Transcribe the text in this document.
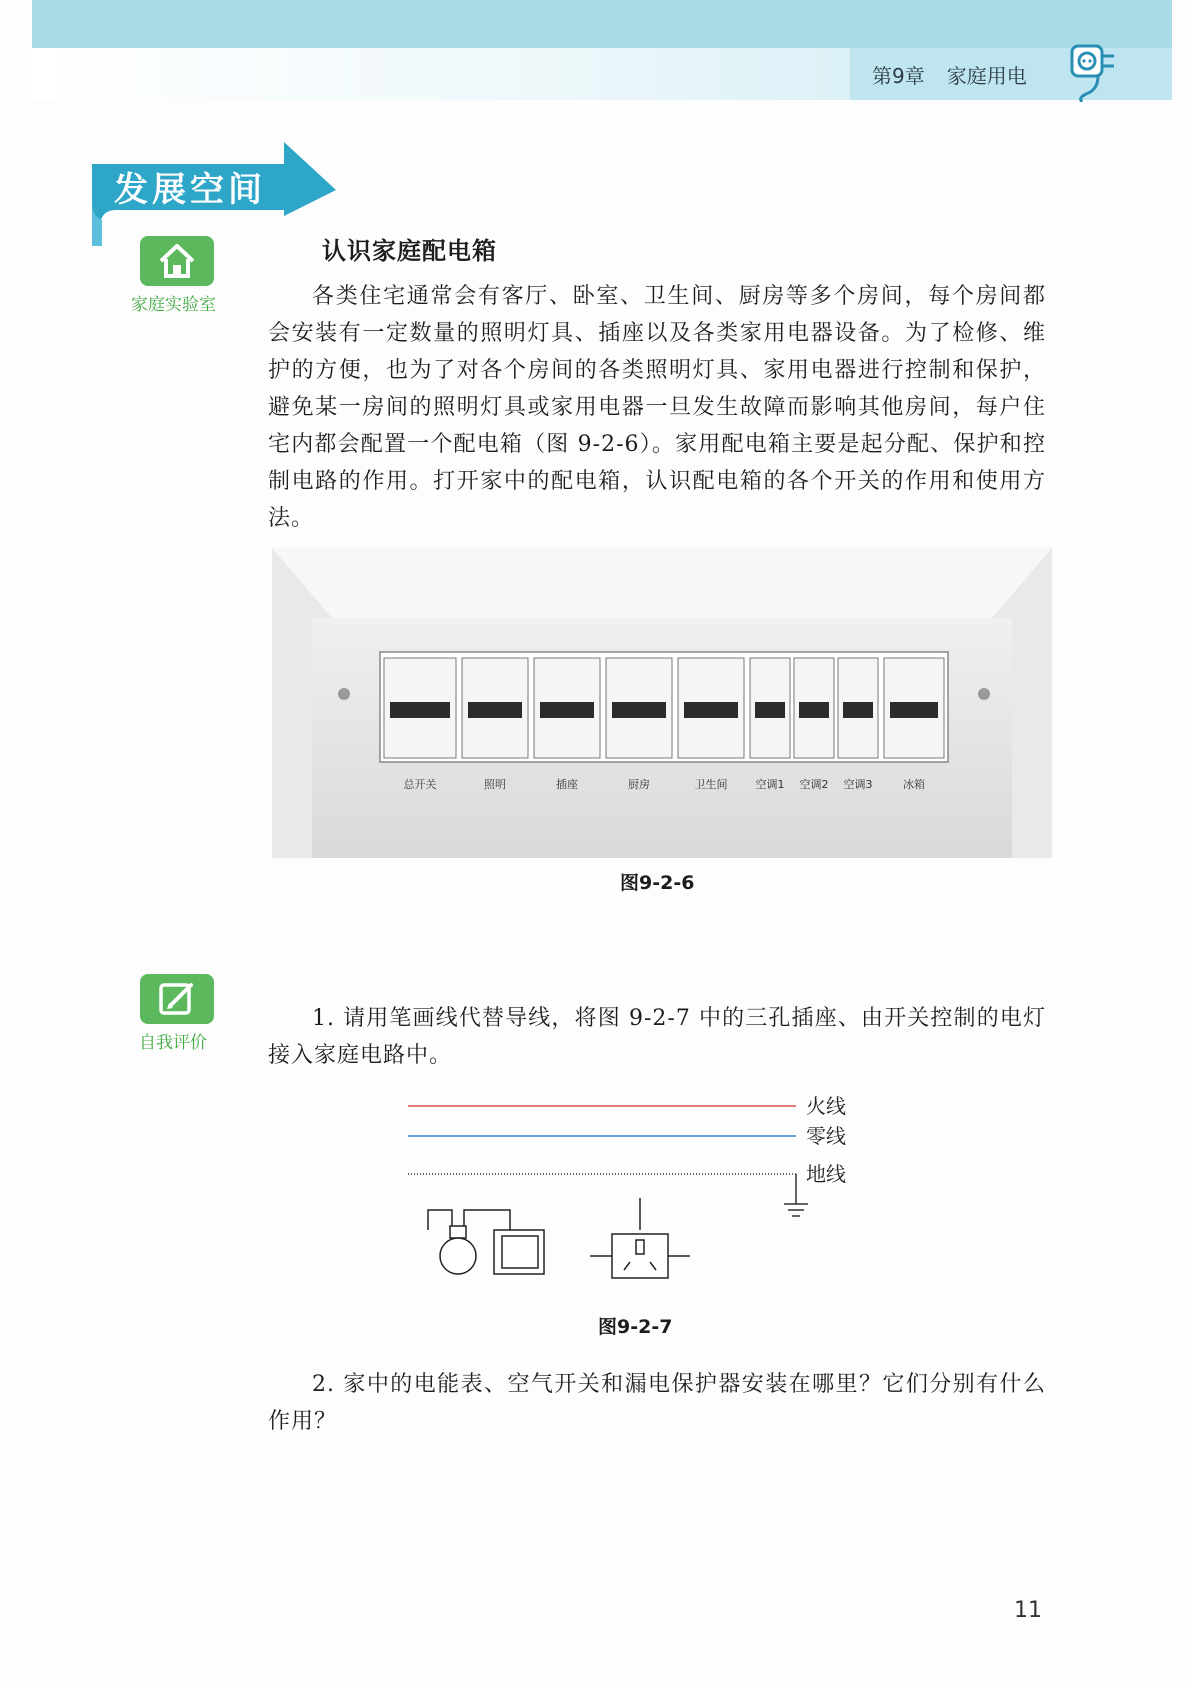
第9章 家庭用电
发展空间
家庭实验室
认识家庭配电箱

各类住宅通常会有客厅、卧室、卫生间、厨房等多个房间，每个房间都会安装有一定数量的照明灯具、插座以及各类家用电器设备。为了检修、维护的方便，也为了对各个房间的各类照明灯具、家用电器进行控制和保护，避免某一房间的照明灯具或家用电器一旦发生故障而影响其他房间，每户住宅内都会配置一个配电箱（图 9-2-6）。家用配电箱主要是起分配、保护和控制电路的作用。打开家中的配电箱，认识配电箱的各个开关的作用和使用方法。

总开关	照明	插座	厨房	卫生间	空调1 空调2 空调3	冰箱
图9-2-6
自我评价

1. 请用笔画线代替导线，将图 9-2-7 中的三孔插座、由开关控制的电灯接入家庭电路中。

火线
零线
地线
图9-2-7

2. 家中的电能表、空气开关和漏电保护器安装在哪里？它们分别有什么作用？

11
